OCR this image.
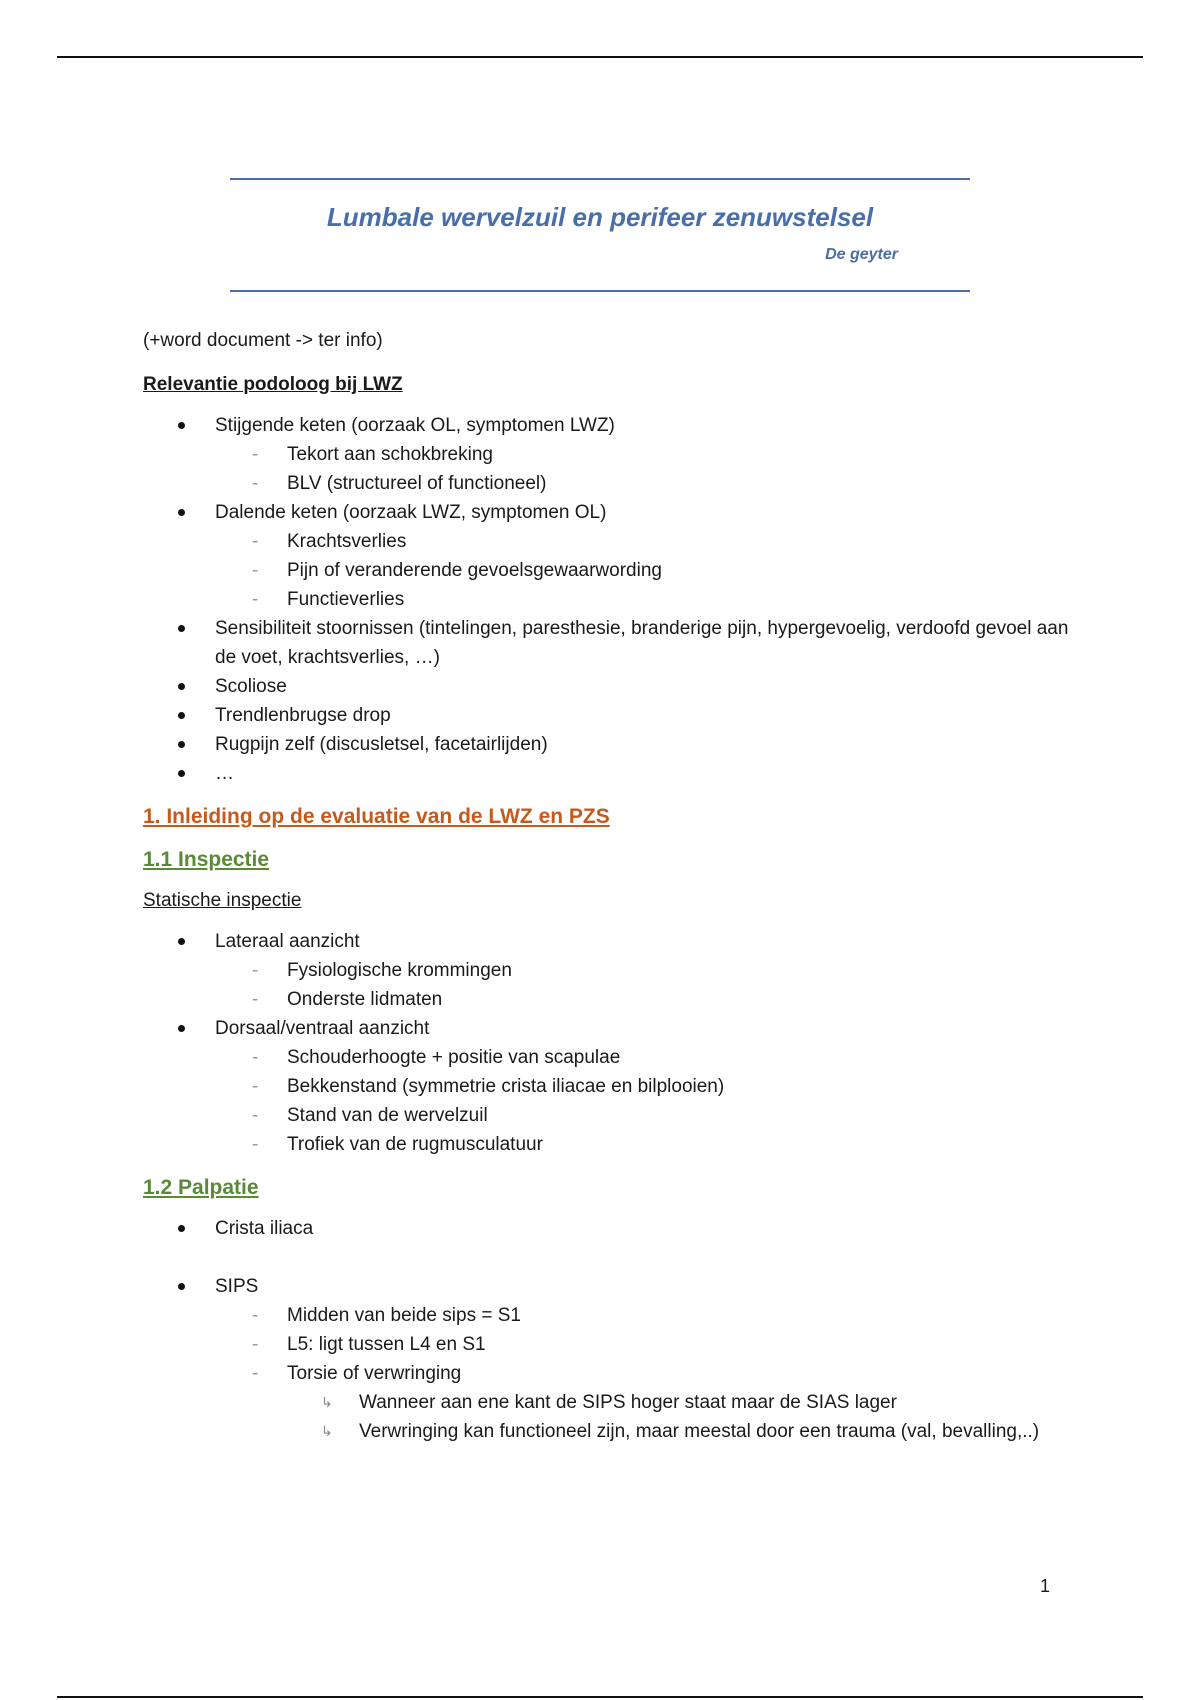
Lumbale wervelzuil en perifeer zenuwstelsel
De geyter

(+word document -> ter info)

Relevantie podoloog bij LWZ

Stijgende keten (oorzaak OL, symptomen LWZ)
- Tekort aan schokbreking
- BLV (structureel of functioneel)
Dalende keten (oorzaak LWZ, symptomen OL)
- Krachtsverlies
- Pijn of veranderende gevoelsgewaarwording
- Functieverlies
Sensibiliteit stoornissen (tintelingen, paresthesie, branderige pijn, hypergevoelig, verdoofd gevoel aan de voet, krachtsverlies, …)
Scoliose
Trendlenbrugse drop
Rugpijn zelf (discusletsel, facetairlijden)
…

1. Inleiding op de evaluatie van de LWZ en PZS

1.1 Inspectie

Statische inspectie

Lateraal aanzicht
- Fysiologische krommingen
- Onderste lidmaten
Dorsaal/ventraal aanzicht
- Schouderhoogte + positie van scapulae
- Bekkenstand (symmetrie crista iliacae en bilplooien)
- Stand van de wervelzuil
- Trofiek van de rugmusculatuur

1.2 Palpatie

Crista iliaca
SIPS
- Midden van beide sips = S1
- L5: ligt tussen L4 en S1
- Torsie of verwringing
↳ Wanneer aan ene kant de SIPS hoger staat maar de SIAS lager
↳ Verwringing kan functioneel zijn, maar meestal door een trauma (val, bevalling,..)
1
